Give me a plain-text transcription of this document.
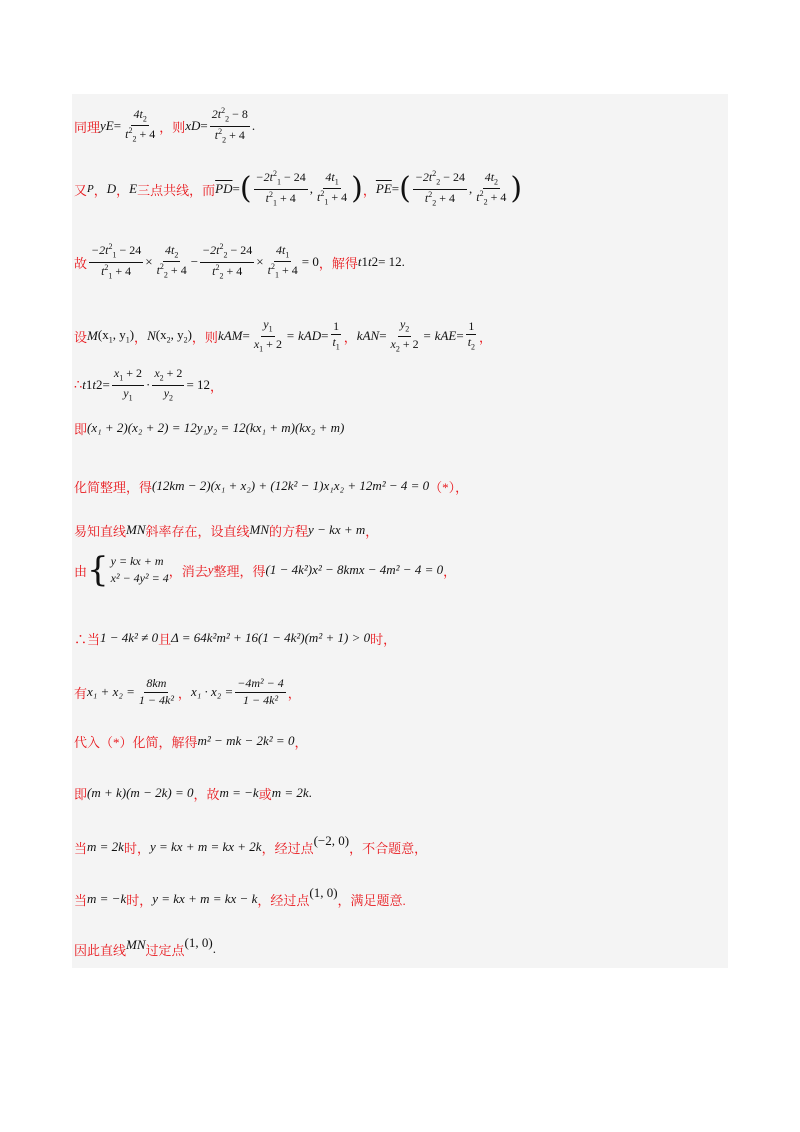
同理 y $E = \frac{4t_2}{t^2_2 + 4}$ ，则 x $D = \frac{2t^2_2 - 8}{t^2_2 + 4}$ .
又 P ， D ， E 三点共线，而 $\overline{PD}$ = ( $\frac{-2t^2_1 - 24}{t^2_1 + 4}$ , $\frac{4t_1}{t^2_1 + 4}$ ) ， $\overline{PE}$ = ( $\frac{-2t^2_2 - 24}{t^2_2 + 4}$ , $\frac{4t_2}{t^2_2 + 4}$ )
故 $\frac{-2t^2_1 - 24}{t^2_1 + 4} \times \frac{4t_2}{t^2_2 + 4} - \frac{-2t^2_2 - 24}{t^2_2 + 4} \times \frac{4t_1}{t^2_1 + 4} = 0$ ，解得 t 1 t 2 = 12.
设 M ($x_1$, $y_1$) ， N ($x_2$, $y_2$) ，则 k AM = $\frac{y_1}{x_1 + 2} = k$ AD = $\frac{1}{t_1}$ ， k AN = $\frac{y_2}{x_2 + 2} = k$ AE = $\frac{1}{t_2}$ ，
∴ t 1 t $2 = \frac{x_1 + 2}{y_1} \cdot \frac{x_2 + 2}{y_2} = 12$ ，
即 (x₁ + 2)(x₂ + 2) = 12y₁y₂ = 12(kx₁ + m)(kx₂ + m)
化简整理，得 (12km − 2)(x₁ + x₂) + (12k² − 1)x₁x₂ + 12m² − 4 = 0 （*），
易知直线 MN 斜率存在，设直线 MN 的方程 y − kx + m ，
由 { y = kx + m
x² − 4y² = 4 ，消去 y 整理，得 (1 − 4k²)x² − 8kmx − 4m² − 4 = 0 ，
∴当 1 − 4k² ≠ 0 且 Δ = 64k²m² + 16(1 − 4k²)(m² + 1) > 0 时，
有 $x_1 + x_2 = \frac{8km}{\text{1 − 4k²}}$ ， $x_1 \cdot x_2 = \frac{\text{−4m² − 4}}{\text{1 − 4k²}}$ ，
代入（*）化简，解得 m² − mk − 2k² = 0 ，
即 (m + k)(m − 2k) = 0 ，故 m = −k 或 m = 2k .
当 m = 2k 时， y = kx + m = kx + 2k ，经过点 (−2, 0) ，不合题意，
当 m = −k 时， y = kx + m = kx − k ，经过点 (1, 0) ，满足题意.
因此直线 MN 过定点 (1, 0) .
